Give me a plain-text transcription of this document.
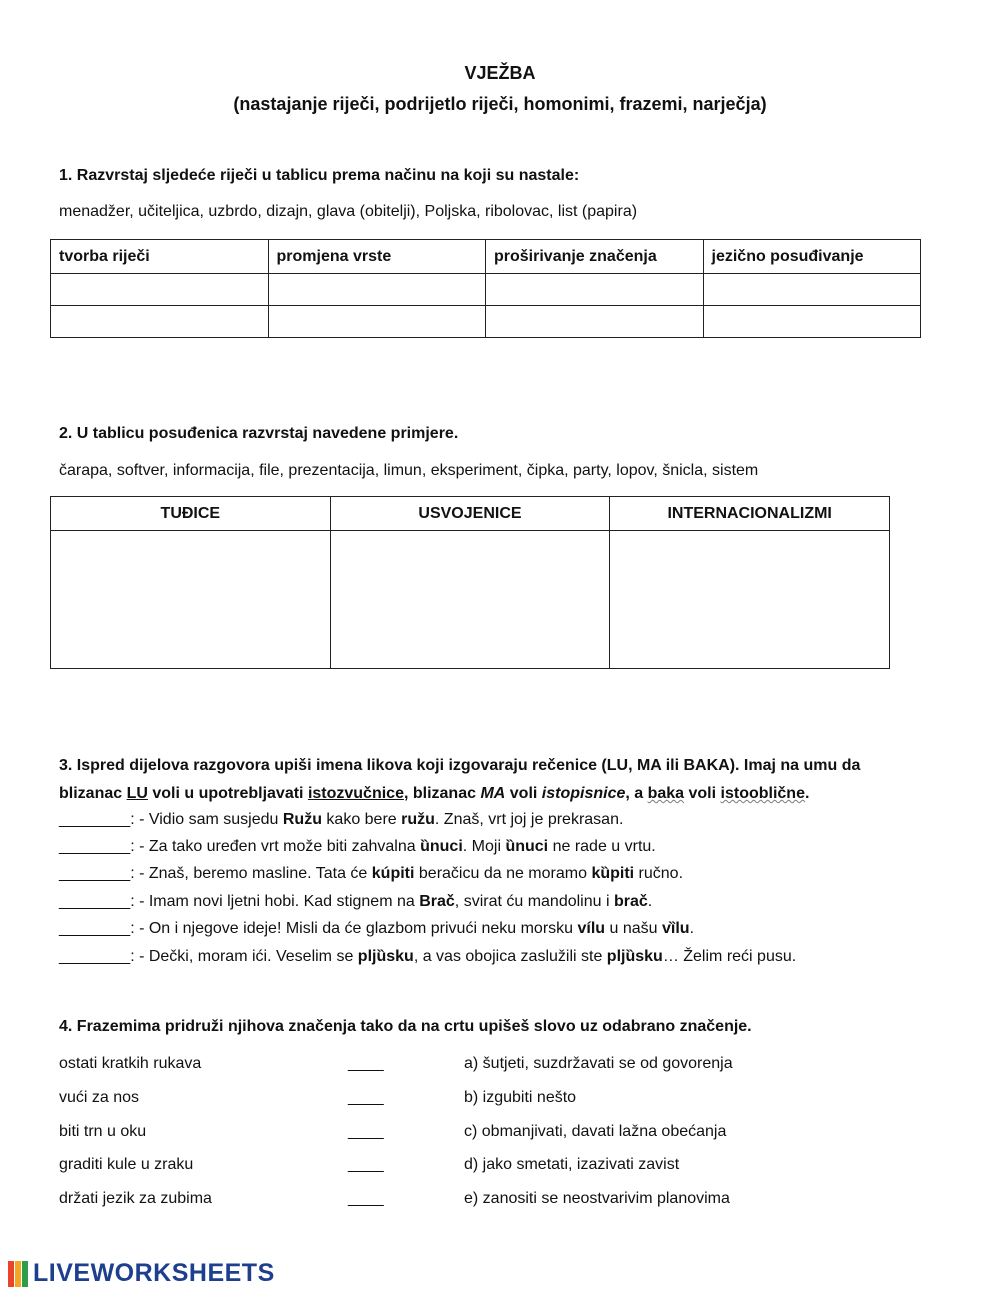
VJEŽBA
(nastajanje riječi, podrijetlo riječi, homonimi, frazemi, narječja)
1. Razvrstaj sljedeće riječi u tablicu prema načinu na koji su nastale:
menadžer, učiteljica, uzbrdo, dizajn, glava (obitelji), Poljska, ribolovac, list (papira)
tvorba riječi	promjena vrste	proširivanje značenja	jezično posuđivanje

2. U tablicu posuđenica razvrstaj navedene primjere.
čarapa, softver, informacija, file, prezentacija, limun, eksperiment, čipka, party, lopov, šnicla, sistem
TUĐICE	USVOJENICE	INTERNACIONALIZMI

3. Ispred dijelova razgovora upiši imena likova koji izgovaraju rečenice (LU, MA ili BAKA). Imaj na umu da
blizanac LU voli u upotrebljavati istozvučnice, blizanac MA voli istopisnice, a baka voli istooblične.
________: - Vidio sam susjedu Ružu kako bere ružu. Znaš, vrt joj je prekrasan.
________: - Za tako uređen vrt može biti zahvalna ȕnuci. Moji ȕnuci ne rade u vrtu.
________: - Znaš, beremo masline. Tata će kúpiti beračicu da ne moramo kȕpiti ručno.
________: - Imam novi ljetni hobi. Kad stignem na Brač, svirat ću mandolinu i brač.
________: - On i njegove ideje! Misli da će glazbom privući neku morsku vílu u našu vȉlu.
________: - Dečki, moram ići. Veselim se pljȕsku, a vas obojica zaslužili ste pljȕsku… Želim reći pusu.
4. Frazemima pridruži njihova značenja tako da na crtu upišeš slovo uz odabrano značenje.
ostati kratkih rukava	____	a) šutjeti, suzdržavati se od govorenja
vući za nos	____	b) izgubiti nešto
biti trn u oku	____	c) obmanjivati, davati lažna obećanja
graditi kule u zraku	____	d) jako smetati, izazivati zavist
držati jezik za zubima	____	e) zanositi se neostvarivim planovima
LIVEWORKSHEETS
